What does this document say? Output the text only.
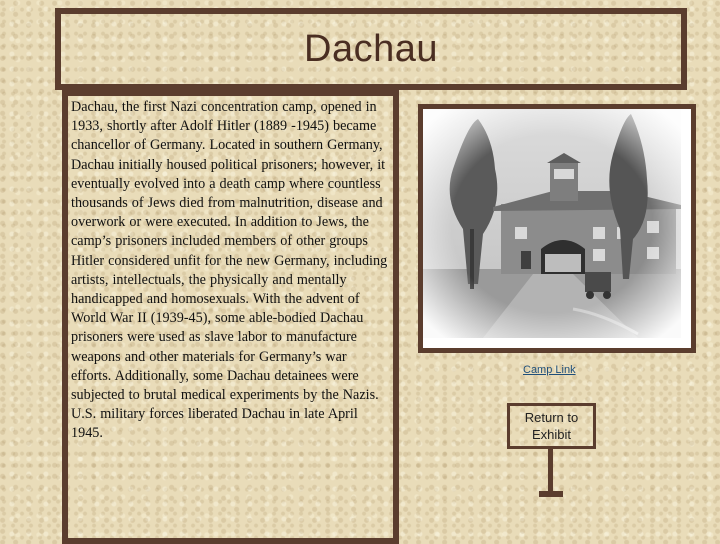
Dachau

Dachau, the first Nazi concentration camp, opened in 1933, shortly after Adolf Hitler (1889 -1945) became chancellor of Germany. Located in southern Germany, Dachau initially housed political prisoners; however, it eventually evolved into a death camp where countless thousands of Jews died from malnutrition, disease and overwork or were executed. In addition to Jews, the camp’s prisoners included members of other groups Hitler considered unfit for the new Germany, including artists, intellectuals, the physically and mentally handicapped and homosexuals. With the advent of World War II (1939-45), some able-bodied Dachau prisoners were used as slave labor to manufacture weapons and other materials for Germany’s war efforts. Additionally, some Dachau detainees were subjected to brutal medical experiments by the Nazis. U.S. military forces liberated Dachau in late April 1945.

Camp Link
Return to
Exhibit
